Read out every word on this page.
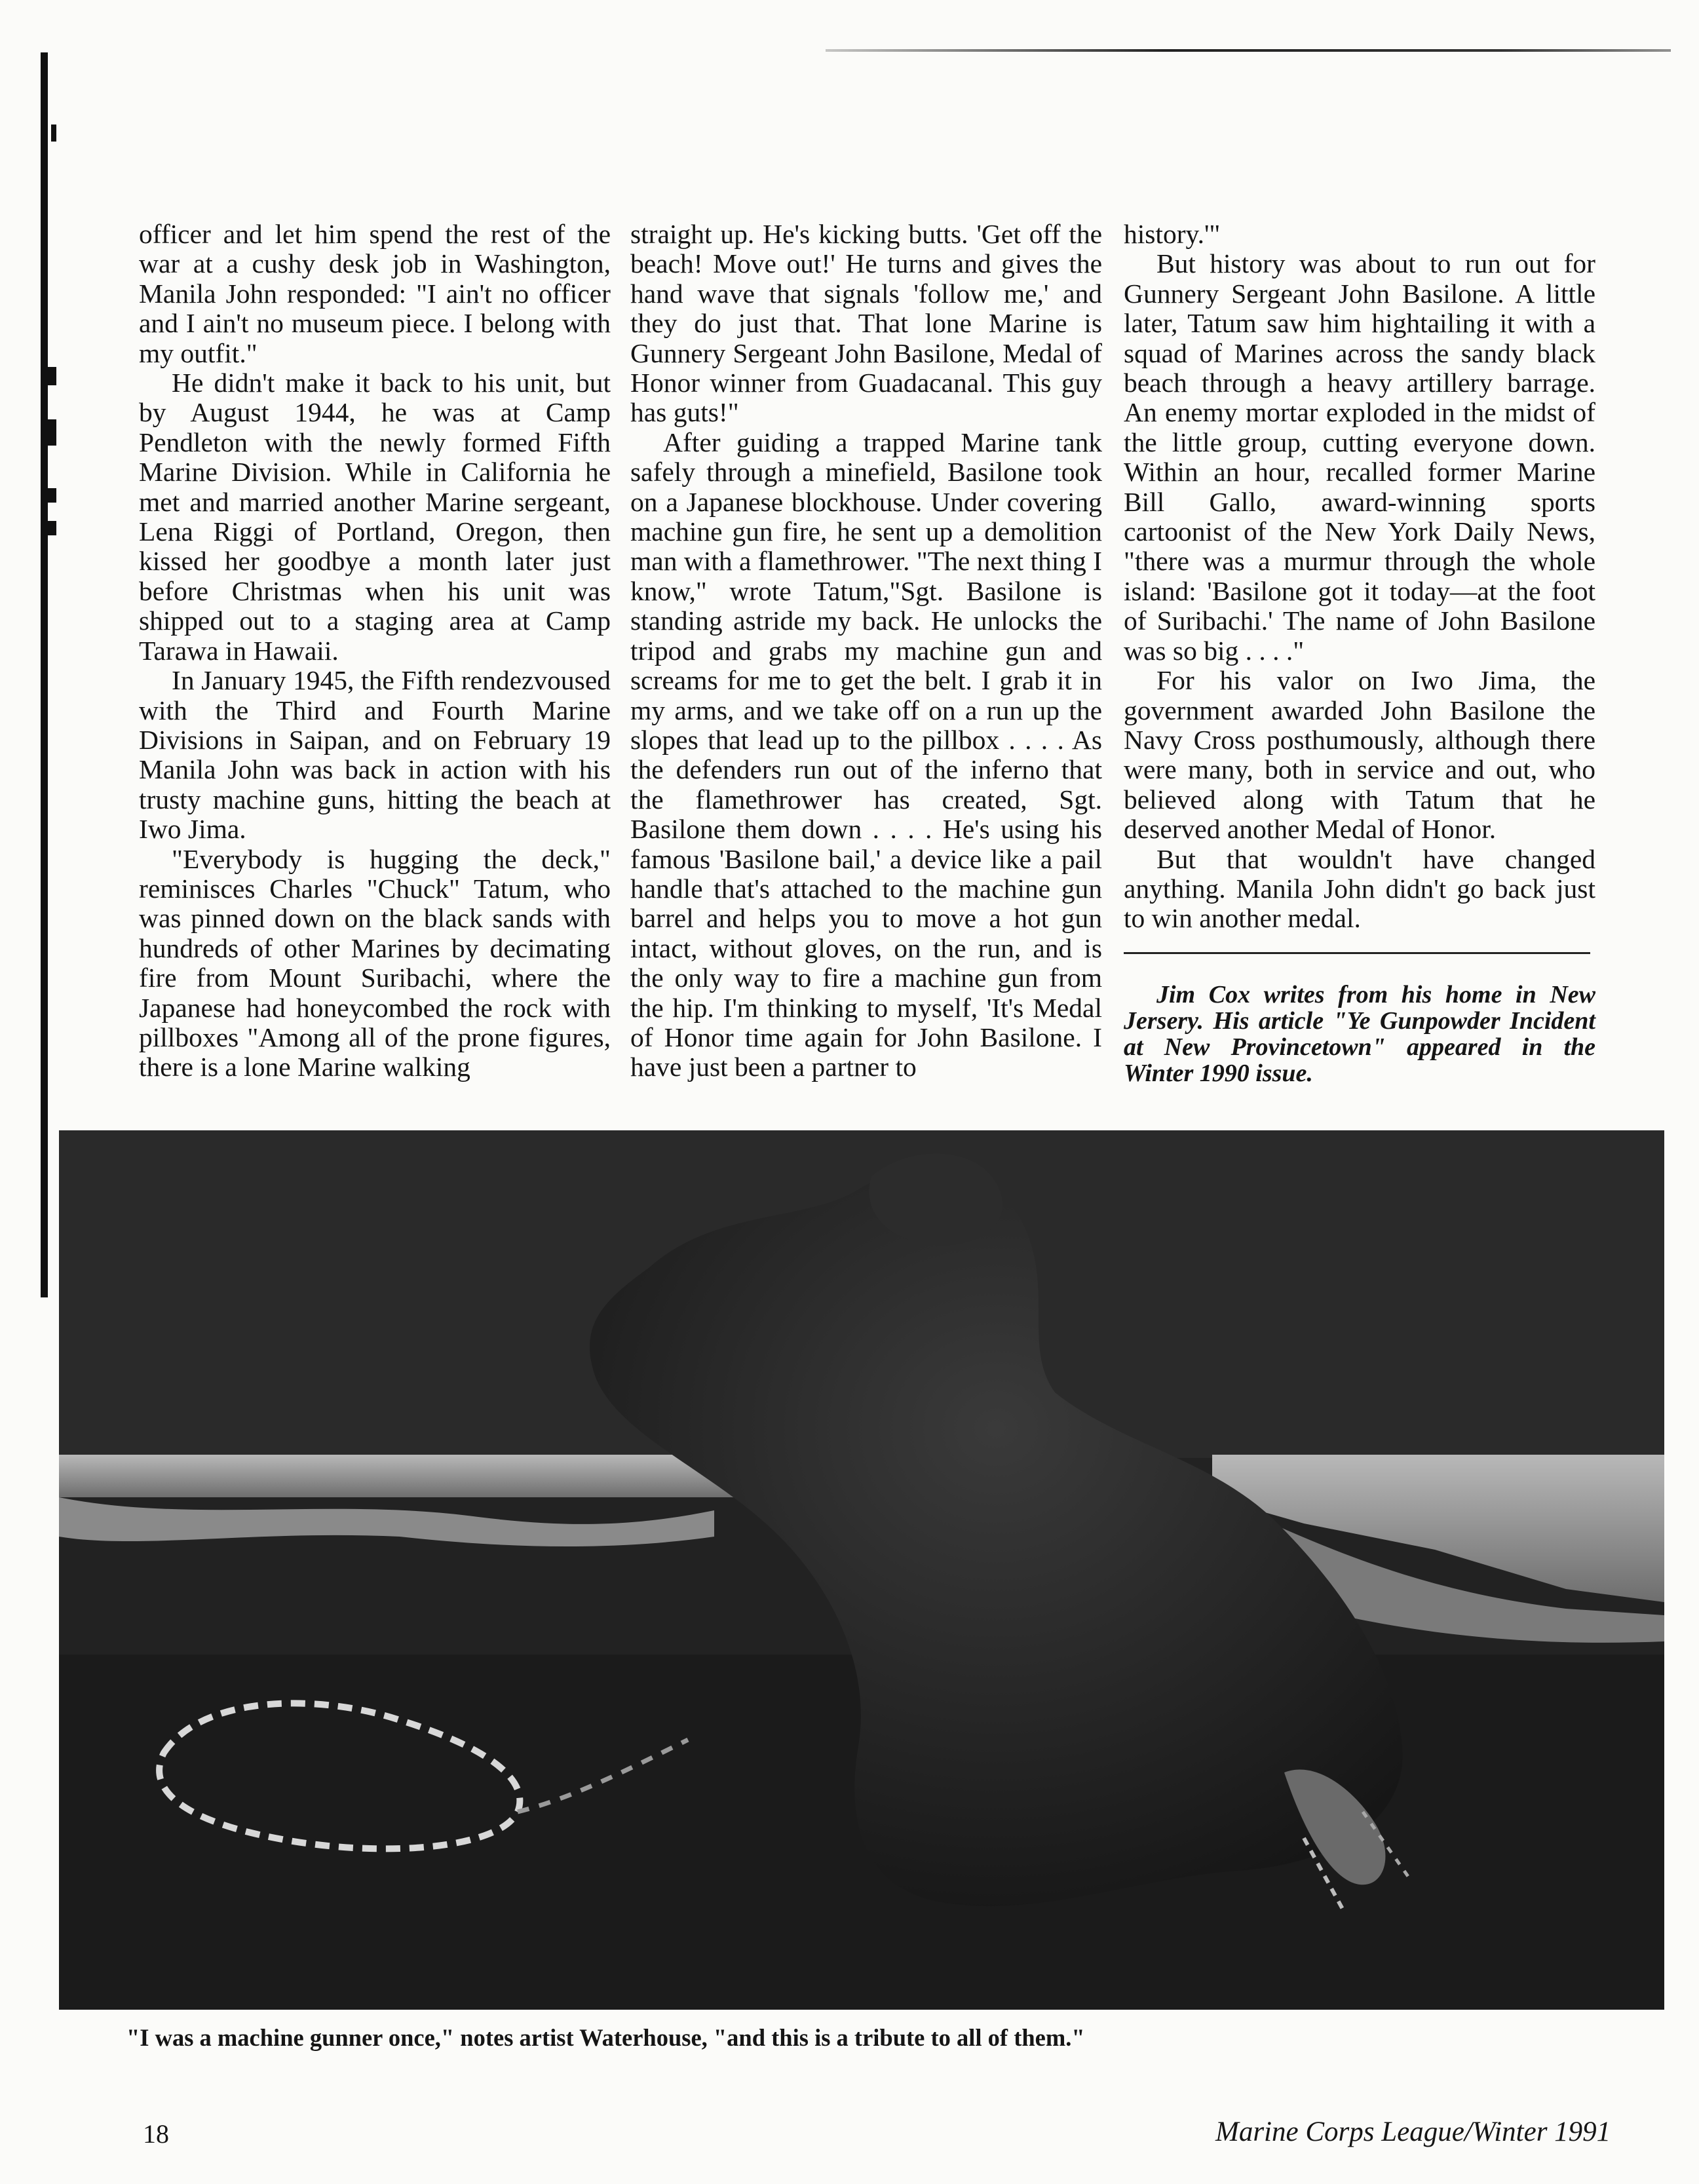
officer and let him spend the rest of the war at a cushy desk job in Washington, Manila John responded: "I ain't no officer and I ain't no museum piece. I belong with my outfit."

He didn't make it back to his unit, but by August 1944, he was at Camp Pendleton with the newly formed Fifth Marine Division. While in California he met and married another Marine sergeant, Lena Riggi of Portland, Oregon, then kissed her goodbye a month later just before Christmas when his unit was shipped out to a staging area at Camp Tarawa in Hawaii.

In January 1945, the Fifth rendezvoused with the Third and Fourth Marine Divisions in Saipan, and on February 19 Manila John was back in action with his trusty machine guns, hitting the beach at Iwo Jima.

"Everybody is hugging the deck," reminisces Charles "Chuck" Tatum, who was pinned down on the black sands with hundreds of other Marines by decimating fire from Mount Suribachi, where the Japanese had honeycombed the rock with pillboxes "Among all of the prone figures, there is a lone Marine walking

straight up. He's kicking butts. 'Get off the beach! Move out!' He turns and gives the hand wave that signals 'follow me,' and they do just that. That lone Marine is Gunnery Sergeant John Basilone, Medal of Honor winner from Guadacanal. This guy has guts!"

After guiding a trapped Marine tank safely through a minefield, Basilone took on a Japanese blockhouse. Under covering machine gun fire, he sent up a demolition man with a flamethrower. "The next thing I know," wrote Tatum,"Sgt. Basilone is standing astride my back. He unlocks the tripod and grabs my machine gun and screams for me to get the belt. I grab it in my arms, and we take off on a run up the slopes that lead up to the pillbox . . . . As the defenders run out of the inferno that the flamethrower has created, Sgt. Basilone them down . . . . He's using his famous 'Basilone bail,' a device like a pail handle that's attached to the machine gun barrel and helps you to move a hot gun intact, without gloves, on the run, and is the only way to fire a machine gun from the hip. I'm thinking to myself, 'It's Medal of Honor time again for John Basilone. I have just been a partner to

history.'"

But history was about to run out for Gunnery Sergeant John Basilone. A little later, Tatum saw him hightailing it with a squad of Marines across the sandy black beach through a heavy artillery barrage. An enemy mortar exploded in the midst of the little group, cutting everyone down. Within an hour, recalled former Marine Bill Gallo, award-winning sports cartoonist of the New York Daily News, "there was a murmur through the whole island: 'Basilone got it today—at the foot of Suribachi.' The name of John Basilone was so big . . . ."

For his valor on Iwo Jima, the government awarded John Basilone the Navy Cross posthumously, although there were many, both in service and out, who believed along with Tatum that he deserved another Medal of Honor.

But that wouldn't have changed anything. Manila John didn't go back just to win another medal.

Jim Cox writes from his home in New Jersery. His article "Ye Gunpowder Incident at New Provincetown" appeared in the Winter 1990 issue.

"I was a machine gunner once," notes artist Waterhouse, "and this is a tribute to all of them."
18	Marine Corps League/Winter 1991
